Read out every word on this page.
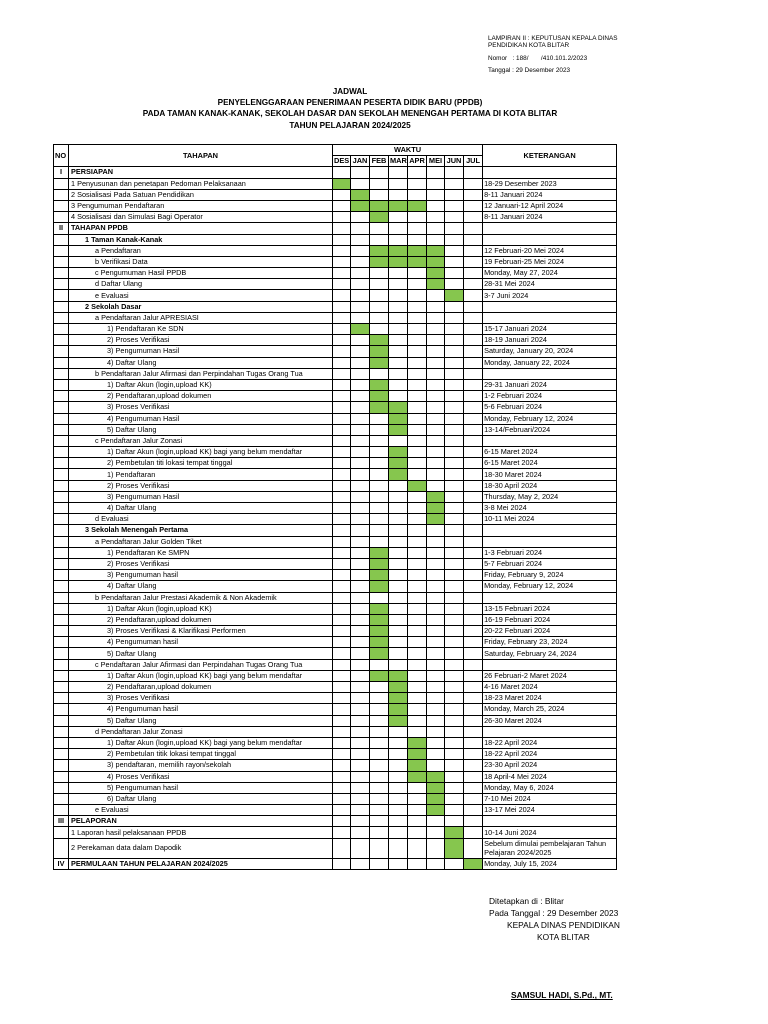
LAMPIRAN II : KEPUTUSAN KEPALA DINAS
PENDIDIKAN KOTA BLITAR
Nomor   : 188/       /410.101.2/2023
Tanggal : 29 Desember 2023
JADWAL
PENYELENGGARAAN PENERIMAAN PESERTA DIDIK BARU (PPDB)
PADA TAMAN KANAK-KANAK, SEKOLAH DASAR DAN SEKOLAH MENENGAH PERTAMA DI KOTA BLITAR
TAHUN PELAJARAN 2024/2025
NO	TAHAPAN	WAKTU								KETERANGAN
		DES	JAN	FEB	MAR	APR	MEI	JUN	JUL	
I	PERSIAPAN									
	1 Penyusunan dan penetapan Pedoman Pelaksanaan									18-29 Desember 2023
	2 Sosialisasi Pada Satuan Pendidikan									8-11 Januari 2024
	3 Pengumuman Pendaftaran									12 Januari-12 April 2024
	4 Sosialisasi dan Simulasi Bagi Operator									8-11 Januari 2024
II	TAHAPAN PPDB									
	1 Taman Kanak-Kanak									
	a Pendaftaran									12 Februari-20 Mei 2024
	b Verifikasi Data									19 Februari-25 Mei 2024
	c Pengumuman Hasil PPDB									Monday, May 27, 2024
	d Daftar Ulang									28-31 Mei 2024
	e Evaluasi									3-7 Juni 2024
	2 Sekolah Dasar									
	a Pendaftaran Jalur APRESIASI									
	1) Pendaftaran Ke SDN									15-17 Januari 2024
	2) Proses Verifikasi									18-19 Januari 2024
	3) Pengumuman Hasil									Saturday, January 20, 2024
	4) Daftar Ulang									Monday, January 22, 2024
	b Pendaftaran Jalur Afirmasi dan Perpindahan Tugas Orang Tua									
	1) Daftar Akun (login,upload KK)									29-31 Januari 2024
	2) Pendaftaran,upload dokumen									1-2 Februari 2024
	3) Proses Verifikasi									5-6 Februari 2024
	4) Pengumuman Hasil									Monday, February 12, 2024
	5) Daftar Ulang									13-14/Februari/2024
	c Pendaftaran Jalur Zonasi									
	1) Daftar Akun (login,upload KK) bagi yang belum mendaftar									6-15 Maret 2024
	2) Pembetulan titi lokasi tempat tinggal									6-15 Maret 2024
	1) Pendaftaran									18-30 Maret 2024
	2) Proses Verifikasi									18-30 April 2024
	3) Pengumuman Hasil									Thursday, May 2, 2024
	4) Daftar Ulang									3-8 Mei 2024
	d Evaluasi									10-11 Mei 2024
	3 Sekolah Menengah Pertama									
	a Pendaftaran Jalur Golden Tiket									
	1) Pendaftaran Ke SMPN									1-3 Februari 2024
	2) Proses Verifikasi									5-7 Februari 2024
	3) Pengumuman hasil									Friday, February 9, 2024
	4) Daftar Ulang									Monday, February 12, 2024
	b Pendaftaran Jalur Prestasi Akademik & Non Akademik									
	1) Daftar Akun (login,upload KK)									13-15 Februari 2024
	2) Pendaftaran,upload dokumen									16-19 Februari 2024
	3) Proses Verifikasi & Klarifikasi Performen									20-22 Februari 2024
	4) Pengumuman hasil									Friday, February 23, 2024
	5) Daftar Ulang									Saturday, February 24, 2024
	c Pendaftaran Jalur Afirmasi dan Perpindahan Tugas Orang Tua									
	1) Daftar Akun (login,upload KK) bagi yang belum mendaftar									26 Februari-2 Maret 2024
	2) Pendaftaran,upload dokumen									4-16 Maret 2024
	3) Proses Verifikasi									18-23 Maret 2024
	4) Pengumuman hasil									Monday, March 25, 2024
	5) Daftar Ulang									26-30 Maret 2024
	d Pendaftaran Jalur Zonasi									
	1) Daftar Akun (login,upload KK) bagi yang belum mendaftar									18-22 April 2024
	2) Pembetulan titik lokasi tempat tinggal									18-22 April 2024
	3) pendaftaran, memilih rayon/sekolah									23-30 April 2024
	4) Proses Verifikasi									18 April-4 Mei 2024
	5) Pengumuman hasil									Monday, May 6, 2024
	6) Daftar Ulang									7-10 Mei 2024
	e Evaluasi									13-17 Mei 2024
III	PELAPORAN									
	1 Laporan hasil pelaksanaan PPDB									10-14 Juni 2024
	2 Perekaman data dalam Dapodik									Sebelum dimulai pembelajaran Tahun Pelajaran 2024/2025
IV	PERMULAAN TAHUN PELAJARAN 2024/2025									Monday, July 15, 2024
Ditetapkan di : Blitar
Pada Tanggal : 29 Desember 2023
KEPALA DINAS PENDIDIKAN
KOTA BLITAR
SAMSUL HADI, S.Pd., MT.
